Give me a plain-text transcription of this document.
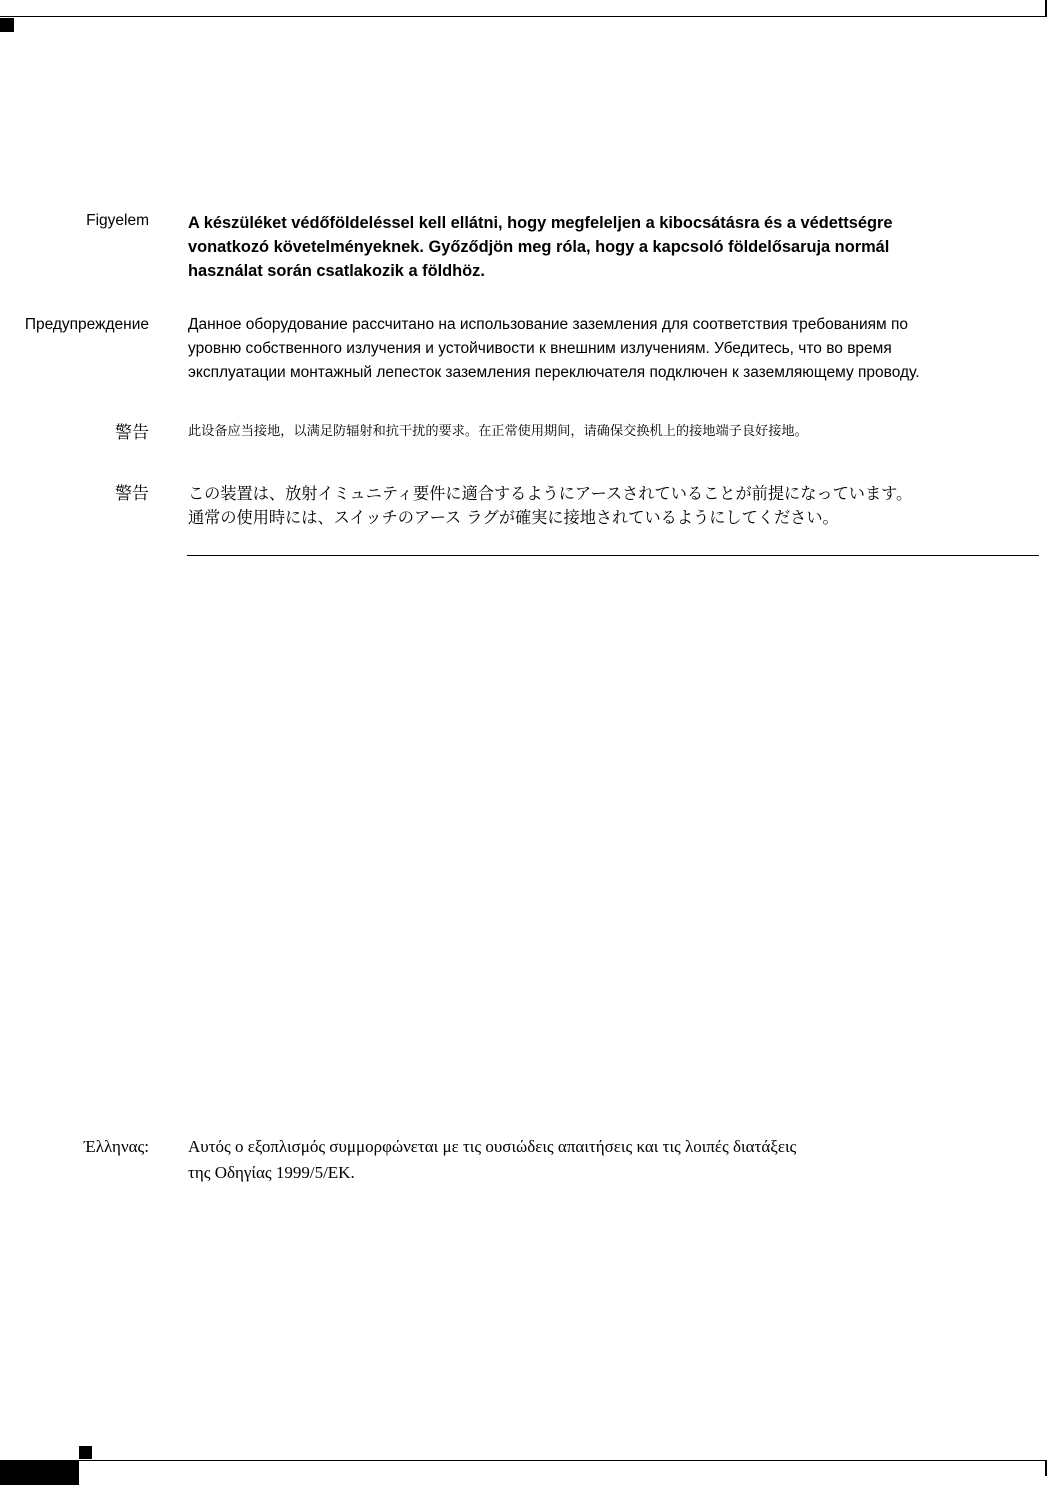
Figyelem A készüléket védőföldeléssel kell ellátni, hogy megfeleljen a kibocsátásra és a védettségre
vonatkozó követelményeknek. Győződjön meg róla, hogy a kapcsoló földelősaruja normál
használat során csatlakozik a földhöz.
Предупреждение	Данное оборудование рассчитано на использование заземления для соответствия требованиям по
уровню собственного излучения и устойчивости к внешним излучениям. Убедитесь, что во время
эксплуатации монтажный лепесток заземления переключателя подключен к заземляющему проводу.
警告	此设备应当接地，以满足防辐射和抗干扰的要求。在正常使用期间，请确保交换机上的接地端子良好接地。
警告 この装置は、放射イミュニティ要件に適合するようにアースされていることが前提になっています。
通常の使用時には、スイッチのアース ラグが確実に接地されているようにしてください。
Έλληνας: Αυτός ο εξοπλισμός συμμορφώνεται με τις ουσιώδεις απαιτήσεις και τις λοιπές διατάξεις
της Οδηγίας 1999/5/ΕΚ.
